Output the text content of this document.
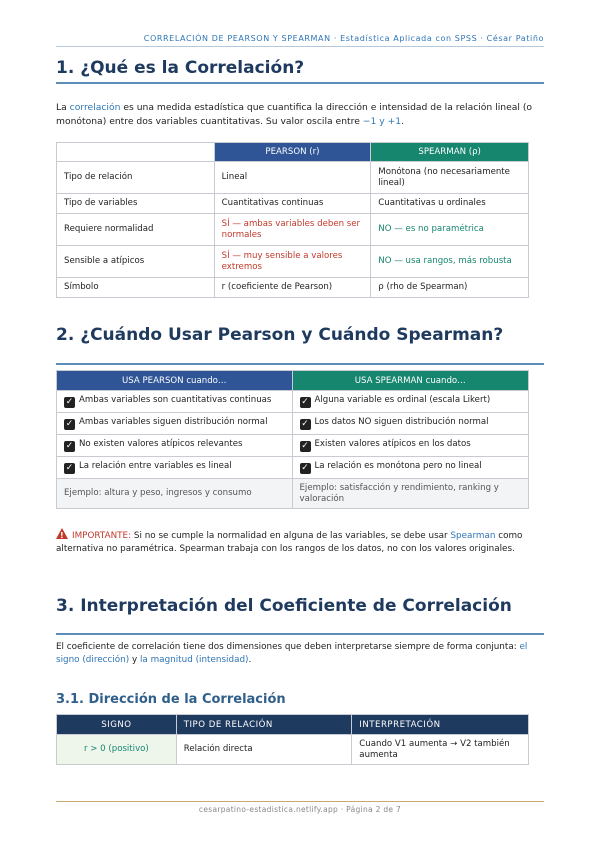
CORRELACIÓN DE PEARSON Y SPEARMAN · Estadística Aplicada con SPSS · César Patiño
1. ¿Qué es la Correlación?

La correlación es una medida estadística que cuantifica la dirección e intensidad de la relación lineal (o monótona) entre dos variables cuantitativas. Su valor oscila entre −1 y +1.

	PEARSON (r)	SPEARMAN (ρ)
Tipo de relación	Lineal	Monótona (no necesariamente lineal)
Tipo de variables	Cuantitativas continuas	Cuantitativas u ordinales
Requiere normalidad	SÍ — ambas variables deben ser normales	NO — es no paramétrica
Sensible a atípicos	SÍ — muy sensible a valores extremos	NO — usa rangos, más robusta
Símbolo	r (coeficiente de Pearson)	ρ (rho de Spearman)
2. ¿Cuándo Usar Pearson y Cuándo Spearman?
USA PEARSON cuando…	USA SPEARMAN cuando…
✓ Ambas variables son cuantitativas continuas	✓ Alguna variable es ordinal (escala Likert)
✓ Ambas variables siguen distribución normal	✓ Los datos NO siguen distribución normal
✓ No existen valores atípicos relevantes	✓ Existen valores atípicos en los datos
✓ La relación entre variables es lineal	✓ La relación es monótona pero no lineal
Ejemplo: altura y peso, ingresos y consumo	Ejemplo: satisfacción y rendimiento, ranking y valoración

!IMPORTANTE: Si no se cumple la normalidad en alguna de las variables, se debe usar Spearman como alternativa no paramétrica. Spearman trabaja con los rangos de los datos, no con los valores originales.

3. Interpretación del Coeficiente de Correlación

El coeficiente de correlación tiene dos dimensiones que deben interpretarse siempre de forma conjunta: el signo (dirección) y la magnitud (intensidad).

3.1. Dirección de la Correlación
SIGNO	TIPO DE RELACIÓN	INTERPRETACIÓN
r > 0 (positivo)	Relación directa	Cuando V1 aumenta → V2 también aumenta
cesarpatino-estadistica.netlify.app · Página 2 de 7
